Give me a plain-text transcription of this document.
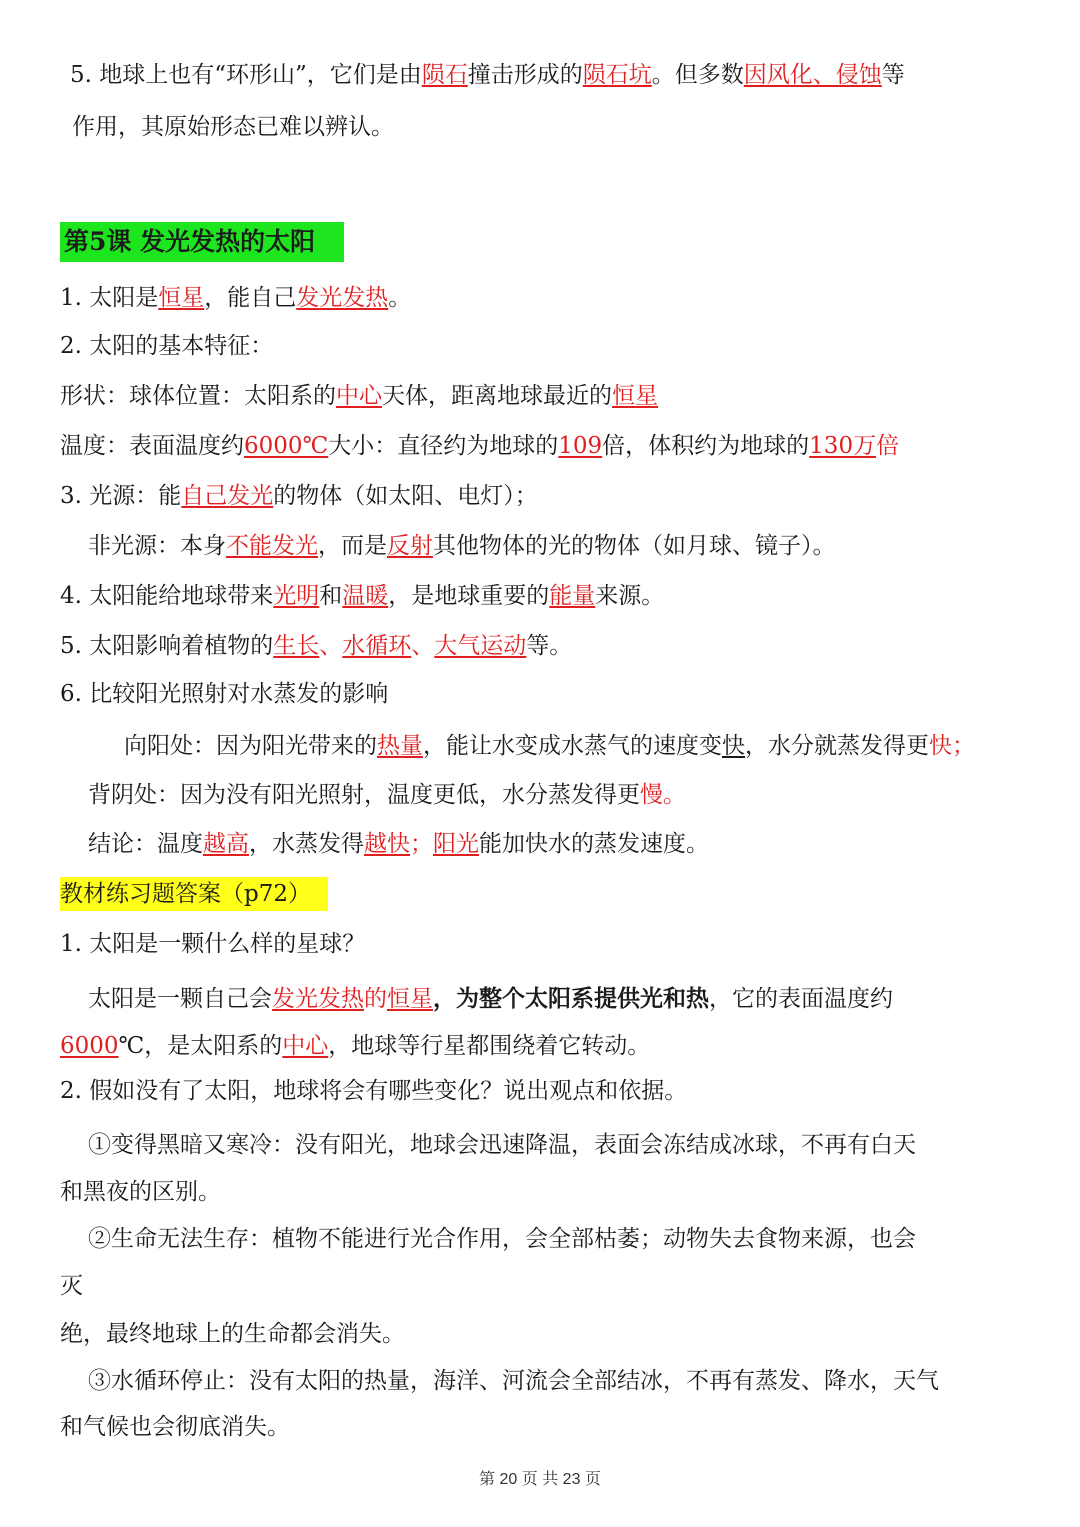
5. 地球上也有“环形山”，它们是由陨石撞击形成的陨石坑。但多数因风化、侵蚀等
作用，其原始形态已难以辨认。
第5课 发光发热的太阳
1. 太阳是恒星，能自己发光发热。
2. 太阳的基本特征：
形状：球体位置：太阳系的中心天体，距离地球最近的恒星
温度：表面温度约6000℃大小：直径约为地球的109倍，体积约为地球的130万倍
3. 光源：能自己发光的物体（如太阳、电灯）；
非光源：本身不能发光，而是反射其他物体的光的物体（如月球、镜子）。
4. 太阳能给地球带来光明和温暖，是地球重要的能量来源。
5. 太阳影响着植物的生长、水循环、大气运动等。
6. 比较阳光照射对水蒸发的影响
向阳处：因为阳光带来的热量，能让水变成水蒸气的速度变快，水分就蒸发得更快；
背阴处：因为没有阳光照射，温度更低，水分蒸发得更慢。
结论：温度越高，水蒸发得越快；阳光能加快水的蒸发速度。
教材练习题答案（p72）
1. 太阳是一颗什么样的星球？
太阳是一颗自己会发光发热的恒星，为整个太阳系提供光和热，它的表面温度约
6000℃，是太阳系的中心，地球等行星都围绕着它转动。
2. 假如没有了太阳，地球将会有哪些变化？说出观点和依据。
①变得黑暗又寒冷：没有阳光，地球会迅速降温，表面会冻结成冰球，不再有白天
和黑夜的区别。
②生命无法生存：植物不能进行光合作用，会全部枯萎；动物失去食物来源，也会
灭
绝，最终地球上的生命都会消失。
③水循环停止：没有太阳的热量，海洋、河流会全部结冰，不再有蒸发、降水，天气
和气候也会彻底消失。
第 20 页 共 23 页
